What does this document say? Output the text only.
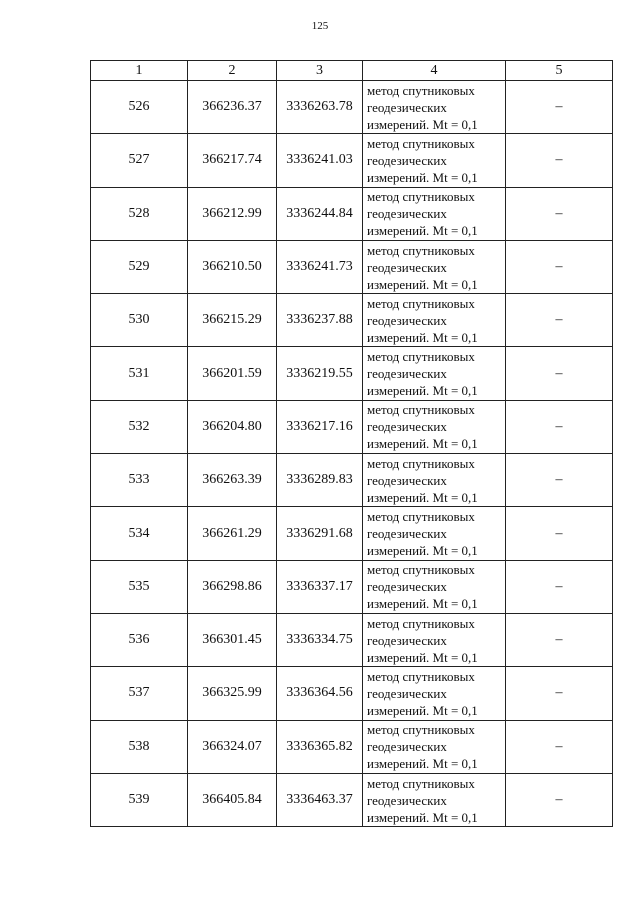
125
1	2	3	4	5
526	366236.37	3336263.78	метод спутниковых
геодезических
измерений. Mt = 0,1	–
527	366217.74	3336241.03	метод спутниковых
геодезических
измерений. Mt = 0,1	–
528	366212.99	3336244.84	метод спутниковых
геодезических
измерений. Mt = 0,1	–
529	366210.50	3336241.73	метод спутниковых
геодезических
измерений. Mt = 0,1	–
530	366215.29	3336237.88	метод спутниковых
геодезических
измерений. Mt = 0,1	–
531	366201.59	3336219.55	метод спутниковых
геодезических
измерений. Mt = 0,1	–
532	366204.80	3336217.16	метод спутниковых
геодезических
измерений. Mt = 0,1	–
533	366263.39	3336289.83	метод спутниковых
геодезических
измерений. Mt = 0,1	–
534	366261.29	3336291.68	метод спутниковых
геодезических
измерений. Mt = 0,1	–
535	366298.86	3336337.17	метод спутниковых
геодезических
измерений. Mt = 0,1	–
536	366301.45	3336334.75	метод спутниковых
геодезических
измерений. Mt = 0,1	–
537	366325.99	3336364.56	метод спутниковых
геодезических
измерений. Mt = 0,1	–
538	366324.07	3336365.82	метод спутниковых
геодезических
измерений. Mt = 0,1	–
539	366405.84	3336463.37	метод спутниковых
геодезических
измерений. Mt = 0,1	–
